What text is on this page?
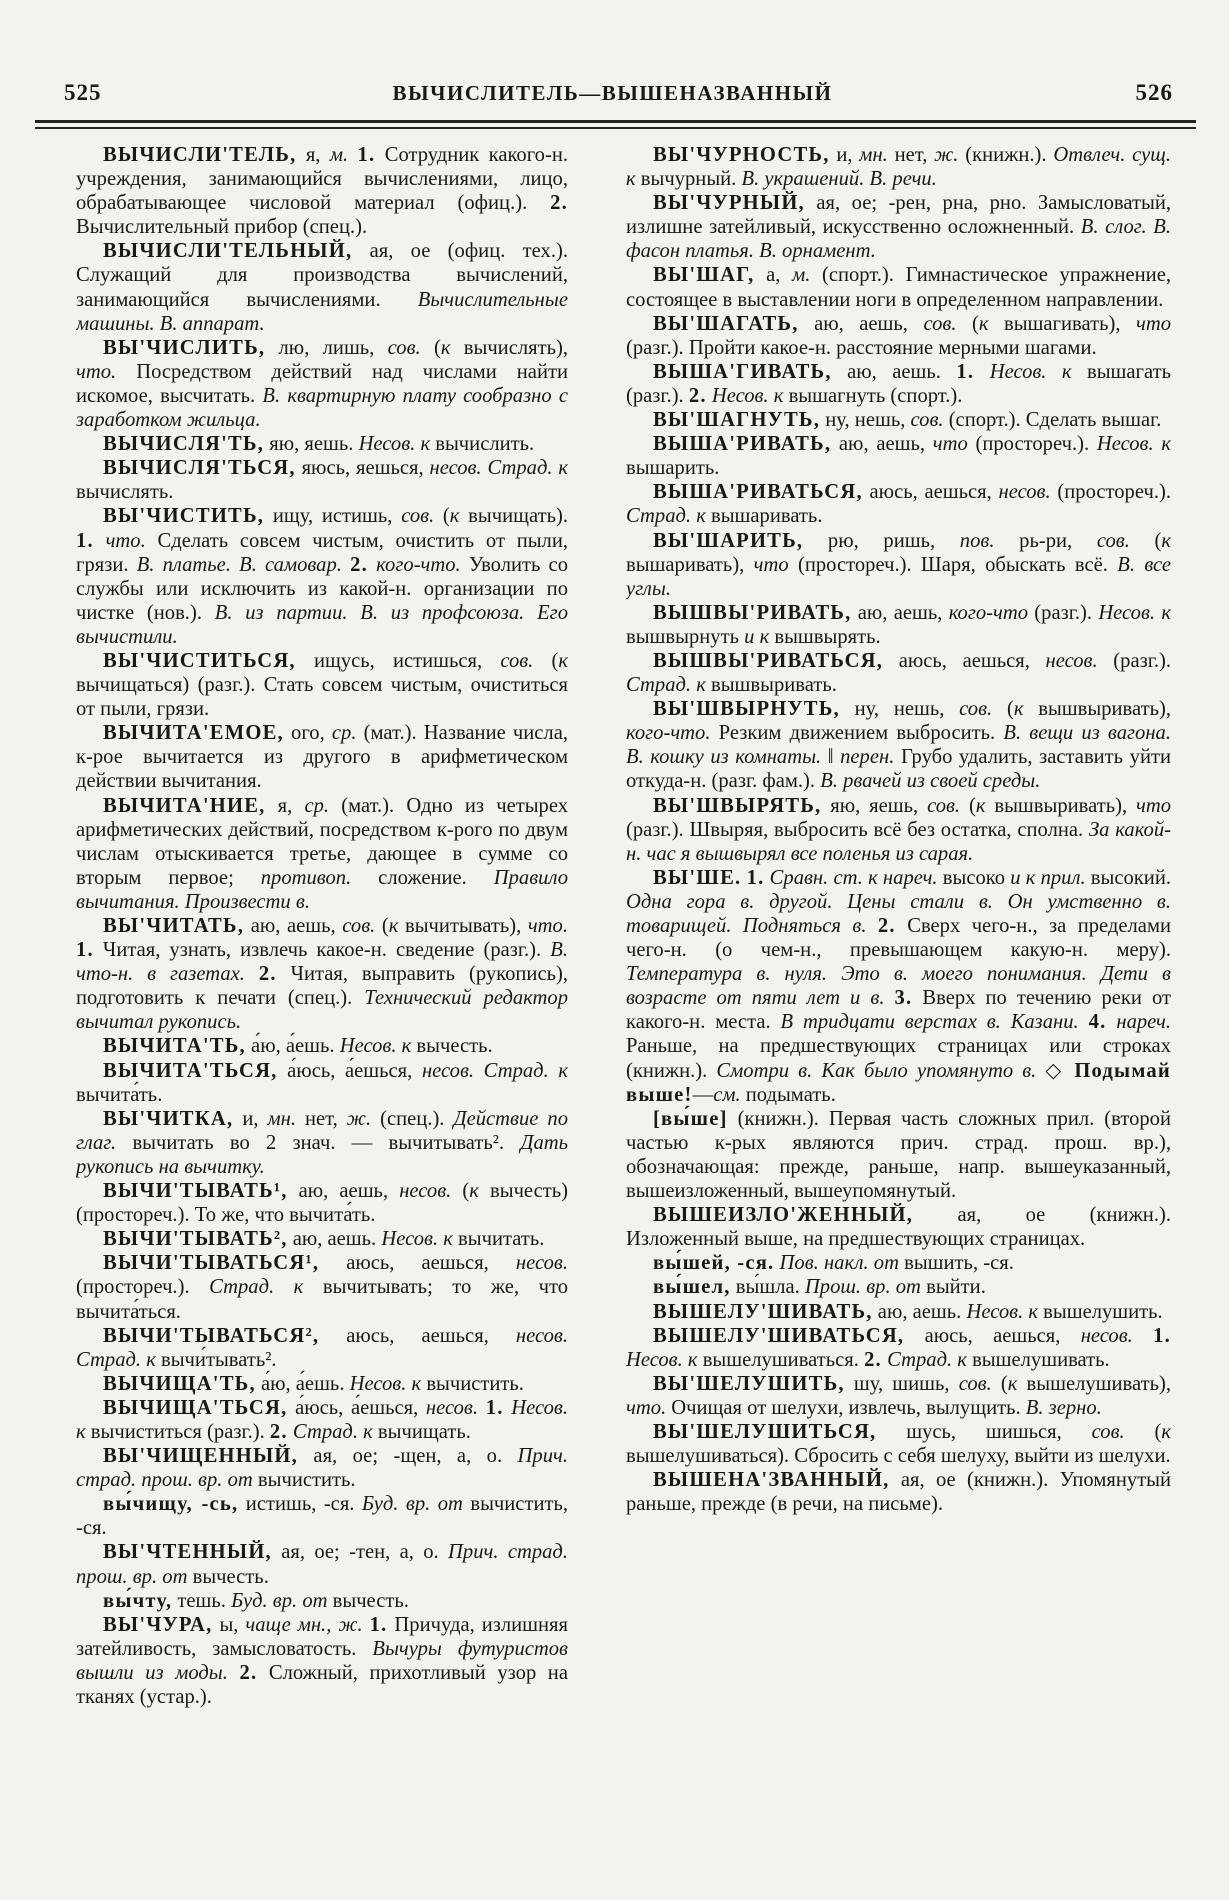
525	ВЫЧИСЛИТЕЛЬ—ВЫШЕНАЗВАННЫЙ	526

ВЫЧИСЛИ'ТЕЛЬ, я, м. 1. Сотрудник какого-н. учреждения, занимающийся вычислениями, лицо, обрабатывающее числовой материал (офиц.). 2. Вычислительный прибор (спец.).

ВЫЧИСЛИ'ТЕЛЬНЫЙ, ая, ое (офиц. тех.). Служащий для производства вычислений, занимающийся вычислениями. Вычислительные машины. В. аппарат.

ВЫ'ЧИСЛИТЬ, лю, лишь, сов. (к вычислять), что. Посредством действий над числами найти искомое, высчитать. В. квартирную плату сообразно с заработком жильца.

ВЫЧИСЛЯ'ТЬ, яю, яешь. Несов. к вычислить.

ВЫЧИСЛЯ'ТЬСЯ, яюсь, яешься, несов. Страд. к вычислять.

ВЫ'ЧИСТИТЬ, ищу, истишь, сов. (к вычищать). 1. что. Сделать совсем чистым, очистить от пыли, грязи. В. платье. В. самовар. 2. кого-что. Уволить со службы или исключить из какой-н. организации по чистке (нов.). В. из партии. В. из профсоюза. Его вычистили.

ВЫ'ЧИСТИТЬСЯ, ищусь, истишься, сов. (к вычищаться) (разг.). Стать совсем чистым, очиститься от пыли, грязи.

ВЫЧИТА'ЕМОЕ, ого, ср. (мат.). Название числа, к-рое вычитается из другого в арифметическом действии вычитания.

ВЫЧИТА'НИЕ, я, ср. (мат.). Одно из четырех арифметических действий, посредством к-рого по двум числам отыскивается третье, дающее в сумме со вторым первое; противоп. сложение. Правило вычитания. Произвести в.

ВЫ'ЧИТАТЬ, аю, аешь, сов. (к вычитывать), что. 1. Читая, узнать, извлечь какое-н. сведение (разг.). В. что-н. в газетах. 2. Читая, выправить (рукопись), подготовить к печати (спец.). Технический редактор вычитал рукопись.

ВЫЧИТА'ТЬ, а́ю, а́ешь. Несов. к вычесть.

ВЫЧИТА'ТЬСЯ, а́юсь, а́ешься, несов. Страд. к вычита́ть.

ВЫ'ЧИТКА, и, мн. нет, ж. (спец.). Действие по глаг. вычитать во 2 знач. — вычитывать². Дать рукопись на вычитку.

ВЫЧИ'ТЫВАТЬ¹, аю, аешь, несов. (к вычесть) (простореч.). То же, что вычита́ть.

ВЫЧИ'ТЫВАТЬ², аю, аешь. Несов. к вычитать.

ВЫЧИ'ТЫВАТЬСЯ¹, аюсь, аешься, несов. (простореч.). Страд. к вычитывать; то же, что вычита́ться.

ВЫЧИ'ТЫВАТЬСЯ², аюсь, аешься, несов. Страд. к вычи́тывать².

ВЫЧИЩА'ТЬ, а́ю, а́ешь. Несов. к вычистить.

ВЫЧИЩА'ТЬСЯ, а́юсь, а́ешься, несов. 1. Несов. к вычиститься (разг.). 2. Страд. к вычищать.

ВЫ'ЧИЩЕННЫЙ, ая, ое; -щен, а, о. Прич. страд. прош. вр. от вычистить.

вы́чищу, -сь, истишь, -ся. Буд. вр. от вычистить, -ся.

ВЫ'ЧТЕННЫЙ, ая, ое; -тен, а, о. Прич. страд. прош. вр. от вычесть.

вы́чту, тешь. Буд. вр. от вычесть.

ВЫ'ЧУРА, ы, чаще мн., ж. 1. Причуда, излишняя затейливость, замысловатость. Вычуры футуристов вышли из моды. 2. Сложный, прихотливый узор на тканях (устар.).

ВЫ'ЧУРНОСТЬ, и, мн. нет, ж. (книжн.). Отвлеч. сущ. к вычурный. В. украшений. В. речи.

ВЫ'ЧУРНЫЙ, ая, ое; -рен, рна, рно. Замысловатый, излишне затейливый, искусственно осложненный. В. слог. В. фасон платья. В. орнамент.

ВЫ'ШАГ, а, м. (спорт.). Гимнастическое упражнение, состоящее в выставлении ноги в определенном направлении.

ВЫ'ШАГАТЬ, аю, аешь, сов. (к вышагивать), что (разг.). Пройти какое-н. расстояние мерными шагами.

ВЫША'ГИВАТЬ, аю, аешь. 1. Несов. к вышагать (разг.). 2. Несов. к вышагнуть (спорт.).

ВЫ'ШАГНУТЬ, ну, нешь, сов. (спорт.). Сделать вышаг.

ВЫША'РИВАТЬ, аю, аешь, что (простореч.). Несов. к вышарить.

ВЫША'РИВАТЬСЯ, аюсь, аешься, несов. (простореч.). Страд. к вышаривать.

ВЫ'ШАРИТЬ, рю, ришь, пов. рь-ри, сов. (к вышаривать), что (простореч.). Шаря, обыскать всё. В. все углы.

ВЫШВЫ'РИВАТЬ, аю, аешь, кого-что (разг.). Несов. к вышвырнуть и к вышвырять.

ВЫШВЫ'РИВАТЬСЯ, аюсь, аешься, несов. (разг.). Страд. к вышвыривать.

ВЫ'ШВЫРНУТЬ, ну, нешь, сов. (к вышвыривать), кого-что. Резким движением выбросить. В. вещи из вагона. В. кошку из комнаты. ‖ перен. Грубо удалить, заставить уйти откуда-н. (разг. фам.). В. рвачей из своей среды.

ВЫ'ШВЫРЯТЬ, яю, яешь, сов. (к вышвыривать), что (разг.). Швыряя, выбросить всё без остатка, сполна. За какой-н. час я вышвырял все поленья из сарая.

ВЫ'ШЕ. 1. Сравн. ст. к нареч. высоко и к прил. высокий. Одна гора в. другой. Цены стали в. Он умственно в. товарищей. Подняться в. 2. Сверх чего-н., за пределами чего-н. (о чем-н., превышающем какую-н. меру). Температура в. нуля. Это в. моего понимания. Дети в возрасте от пяти лет и в. 3. Вверх по течению реки от какого-н. места. В тридцати верстах в. Казани. 4. нареч. Раньше, на предшествующих страницах или строках (книжн.). Смотри в. Как было упомянуто в. ◇ Подымай выше!—см. подымать.

[вы́ше] (книжн.). Первая часть сложных прил. (второй частью к-рых являются прич. страд. прош. вр.), обозначающая: прежде, раньше, напр. вышеуказанный, вышеизложенный, вышеупомянутый.

ВЫШЕИЗЛО'ЖЕННЫЙ, ая, ое (книжн.). Изложенный выше, на предшествующих страницах.

вы́шей, -ся. Пов. накл. от вышить, -ся.

вы́шел, вы́шла. Прош. вр. от выйти.

ВЫШЕЛУ'ШИВАТЬ, аю, аешь. Несов. к вышелушить.

ВЫШЕЛУ'ШИВАТЬСЯ, аюсь, аешься, несов. 1. Несов. к вышелушиваться. 2. Страд. к вышелушивать.

ВЫ'ШЕЛУШИТЬ, шу, шишь, сов. (к вышелушивать), что. Очищая от шелухи, извлечь, вылущить. В. зерно.

ВЫ'ШЕЛУШИТЬСЯ, шусь, шишься, сов. (к вышелушиваться). Сбросить с себя шелуху, выйти из шелухи.

ВЫШЕНА'ЗВАННЫЙ, ая, ое (книжн.). Упомянутый раньше, прежде (в речи, на письме).
